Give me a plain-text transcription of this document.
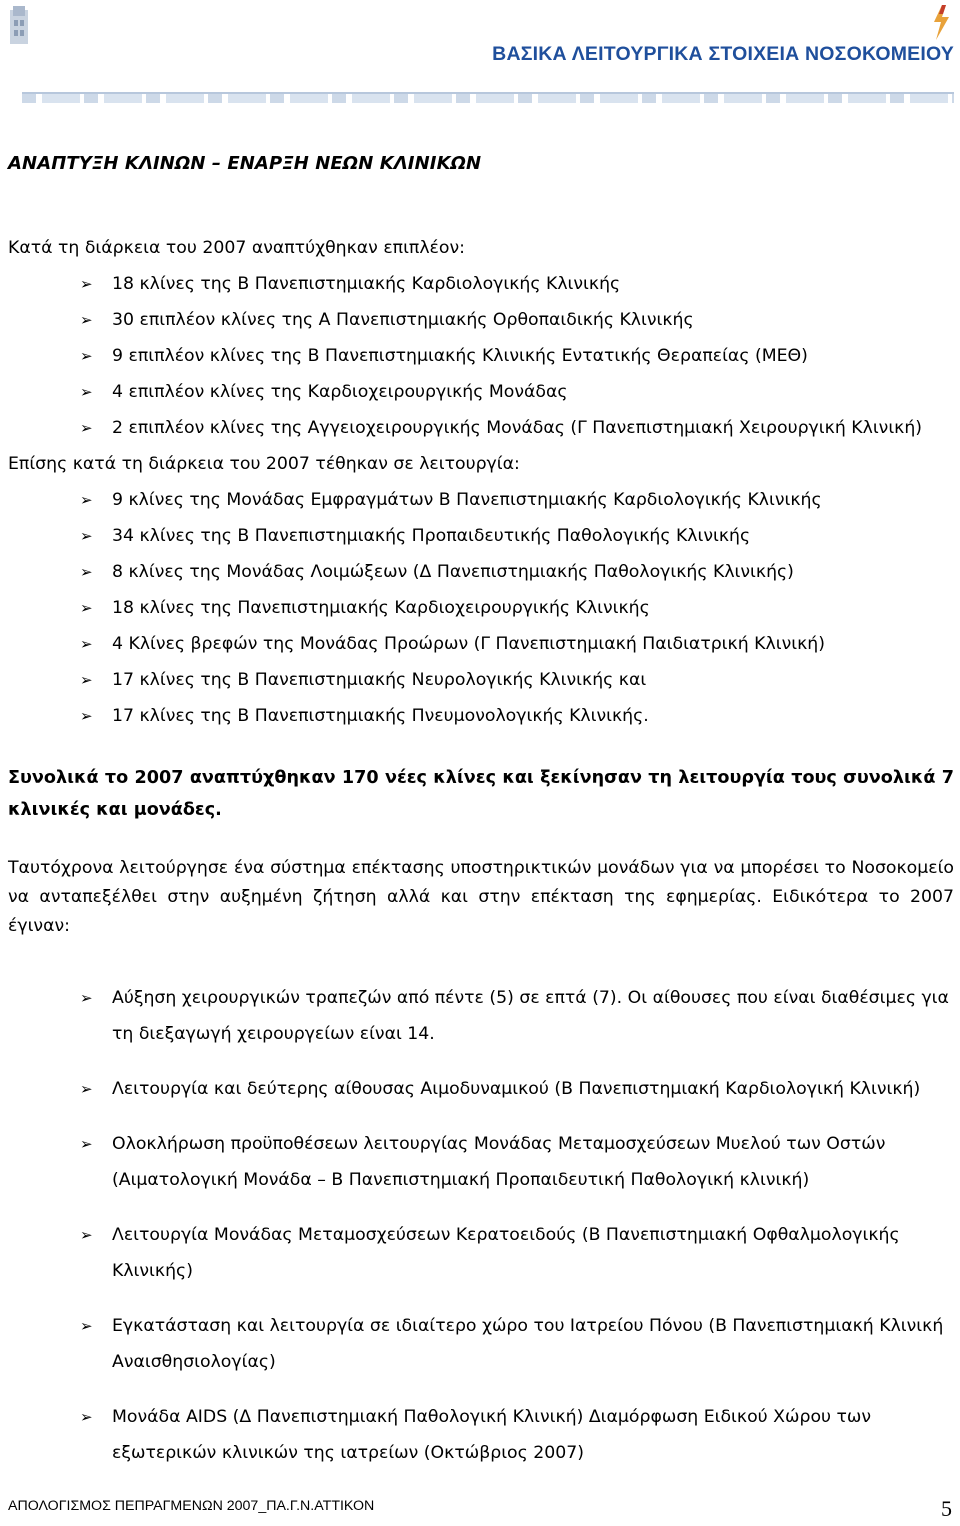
ΒΑΣΙΚΑ ΛΕΙΤΟΥΡΓΙΚΑ ΣΤΟΙΧΕΙΑ ΝΟΣΟΚΟΜΕΙΟΥ
ΑΝΑΠΤΥΞΗ ΚΛΙΝΩΝ – ΕΝΑΡΞΗ ΝΕΩΝ ΚΛΙΝΙΚΩΝ

Κατά τη διάρκεια του 2007 αναπτύχθηκαν επιπλέον:

➢ 18 κλίνες της Β Πανεπιστημιακής Καρδιολογικής Κλινικής
➢ 30 επιπλέον κλίνες της Α Πανεπιστημιακής Ορθοπαιδικής Κλινικής
➢ 9 επιπλέον κλίνες της Β Πανεπιστημιακής Κλινικής Εντατικής Θεραπείας (ΜΕΘ)
➢ 4 επιπλέον κλίνες της Καρδιοχειρουργικής Μονάδας
➢ 2 επιπλέον κλίνες της Αγγειοχειρουργικής Μονάδας (Γ Πανεπιστημιακή Χειρουργική Κλινική)

Επίσης κατά τη διάρκεια του 2007 τέθηκαν σε λειτουργία:

➢ 9 κλίνες της Μονάδας Εμφραγμάτων Β Πανεπιστημιακής Καρδιολογικής Κλινικής
➢ 34 κλίνες της Β Πανεπιστημιακής Προπαιδευτικής Παθολογικής Κλινικής
➢ 8 κλίνες της Μονάδας Λοιμώξεων (Δ Πανεπιστημιακής Παθολογικής Κλινικής)
➢ 18 κλίνες της Πανεπιστημιακής Καρδιοχειρουργικής Κλινικής
➢ 4 Κλίνες βρεφών της Μονάδας Προώρων (Γ Πανεπιστημιακή Παιδιατρική Κλινική)
➢ 17 κλίνες της Β Πανεπιστημιακής Νευρολογικής Κλινικής και
➢ 17 κλίνες της Β Πανεπιστημιακής Πνευμονολογικής Κλινικής.

Συνολικά το 2007 αναπτύχθηκαν 170 νέες κλίνες και ξεκίνησαν τη λειτουργία τους συνολικά 7 κλινικές και μονάδες.

Ταυτόχρονα λειτούργησε ένα σύστημα επέκτασης υποστηρικτικών μονάδων για να μπορέσει το Νοσοκομείο να ανταπεξέλθει στην αυξημένη ζήτηση αλλά και στην επέκταση της εφημερίας. Ειδικότερα το 2007 έγιναν:

➢ Αύξηση χειρουργικών τραπεζών από πέντε (5) σε επτά (7). Οι αίθουσες που είναι διαθέσιμες για τη διεξαγωγή χειρουργείων είναι 14.
➢ Λειτουργία και δεύτερης αίθουσας Αιμοδυναμικού (Β Πανεπιστημιακή Καρδιολογική Κλινική)
➢ Ολοκλήρωση προϋποθέσεων λειτουργίας Μονάδας Μεταμοσχεύσεων Μυελού των Οστών (Αιματολογική Μονάδα – Β Πανεπιστημιακή Προπαιδευτική Παθολογική κλινική)
➢ Λειτουργία Μονάδας Μεταμοσχεύσεων Κερατοειδούς (Β Πανεπιστημιακή Οφθαλμολογικής Κλινικής)
➢ Εγκατάσταση και λειτουργία σε ιδιαίτερο χώρο του Ιατρείου Πόνου (Β Πανεπιστημιακή Κλινική Αναισθησιολογίας)
➢ Μονάδα AIDS (Δ Πανεπιστημιακή Παθολογική Κλινική) Διαμόρφωση Ειδικού Χώρου των εξωτερικών κλινικών της ιατρείων (Οκτώβριος 2007)
ΑΠΟΛΟΓΙΣΜΟΣ ΠΕΠΡΑΓΜΕΝΩΝ 2007_ΠΑ.Γ.Ν.ΑΤΤΙΚΟΝ	5
